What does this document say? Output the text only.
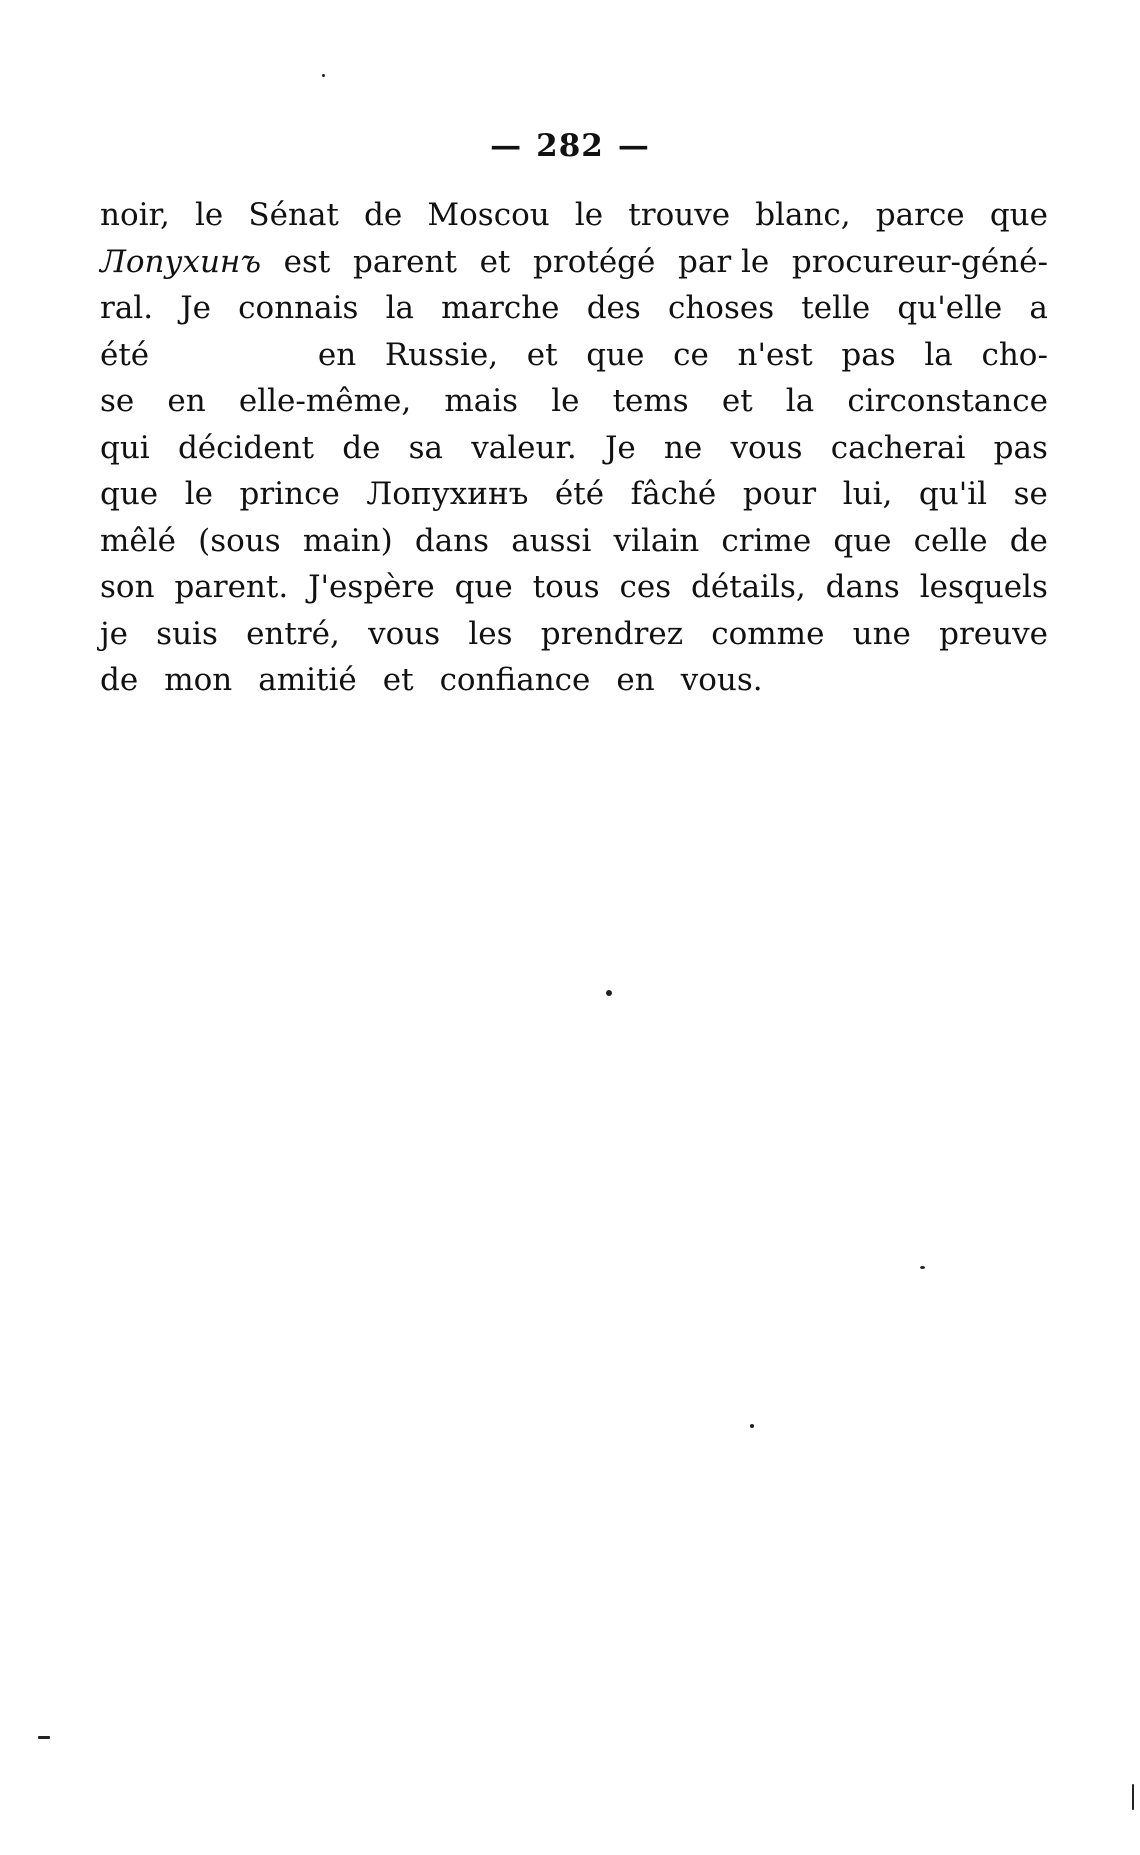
— 282 —
noir, le Sénat de Moscou le trouve blanc, parce que
Лопухинъ est parent et protégé par le procureur-géné-
ral. Je connais la marche des choses telle qu'elle a
été	en Russie, et que ce n'est pas la cho-
se en elle-même, mais le tems et la circonstance
qui décident de sa valeur. Je ne vous cacherai pas
que le prince Лопухинъ été fâché pour lui, qu'il se
mêlé (sous main) dans aussi vilain crime que celle de
son parent. J'espère que tous ces détails, dans lesquels
je suis entré, vous les prendrez comme une preuve
de mon amitié et confiance en vous.
